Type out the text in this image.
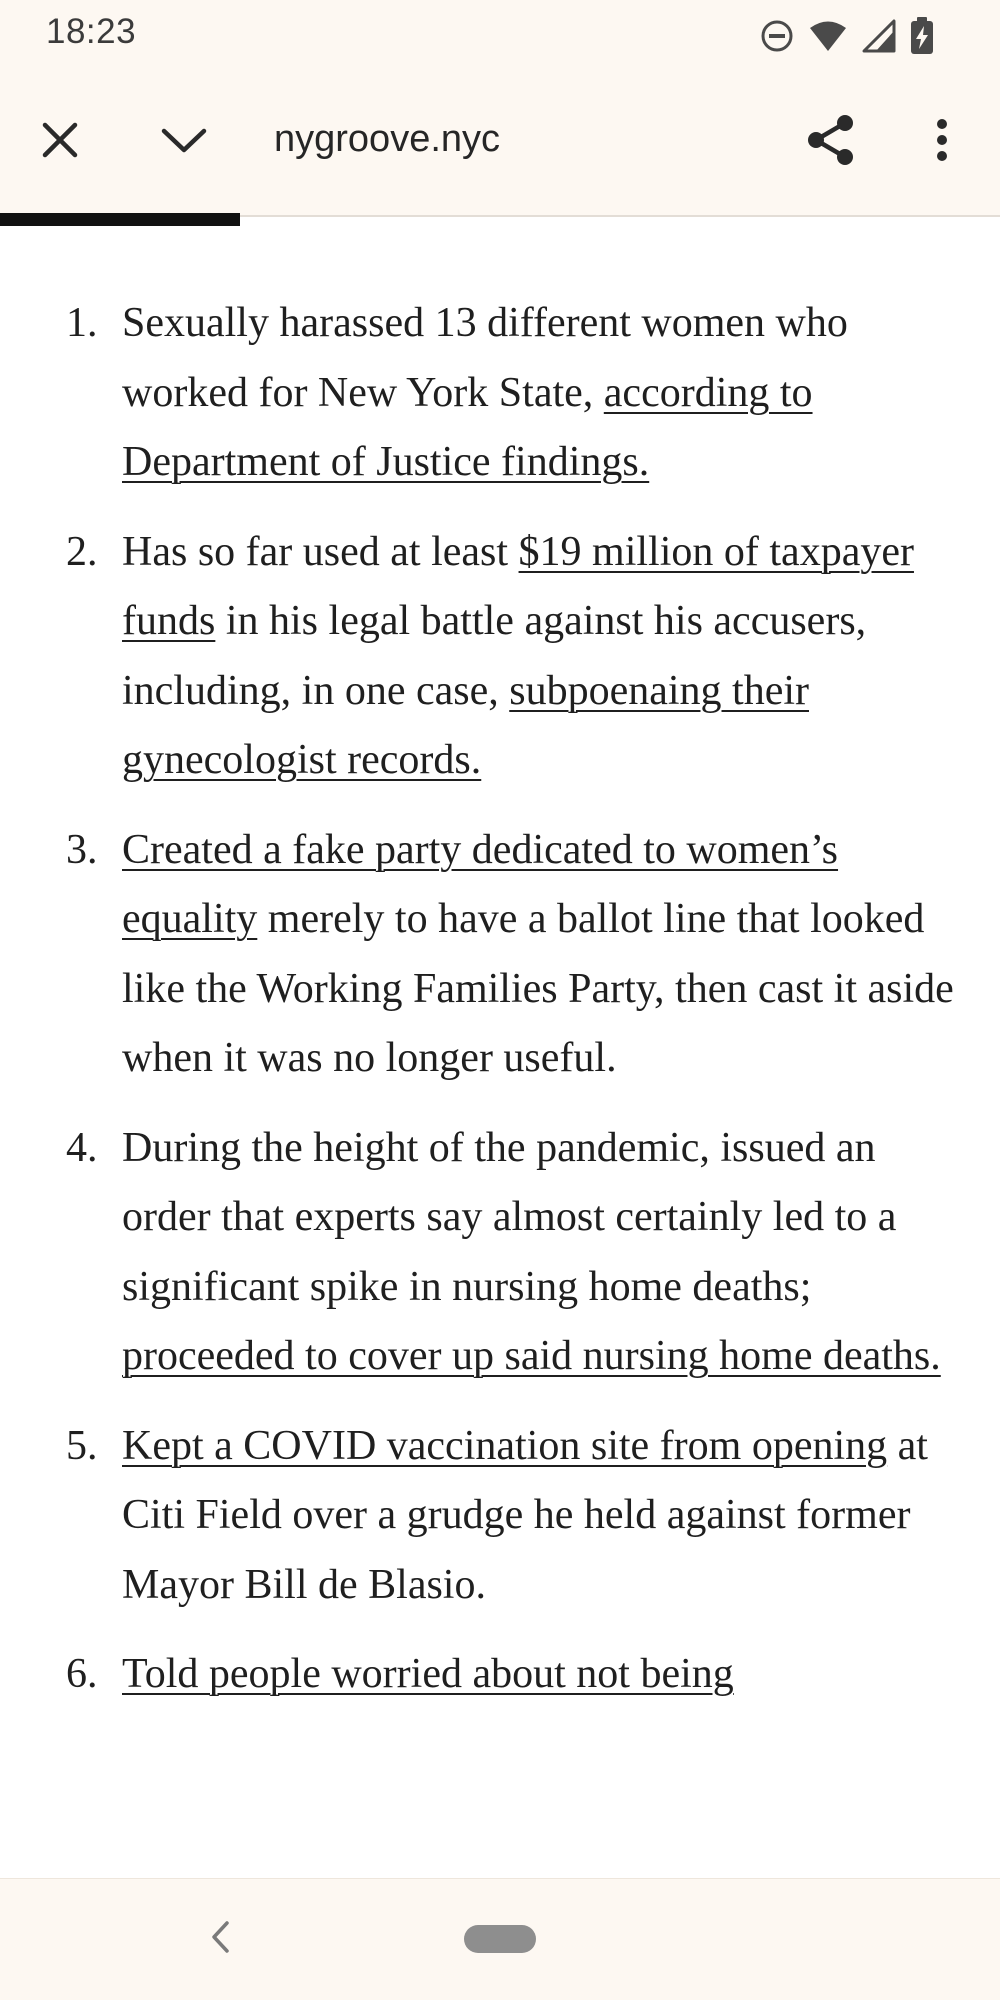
18:23
nygroove.nyc
1. Sexually harassed 13 different women who worked for New York State, according to Department of Justice findings.
2. Has so far used at least $19 million of taxpayer funds in his legal battle against his accusers, including, in one case, subpoenaing their gynecologist records.
3. Created a fake party dedicated to women’s equality merely to have a ballot line that looked like the Working Families Party, then cast it aside when it was no longer useful.
4. During the height of the pandemic, issued an order that experts say almost certainly led to a significant spike in nursing home deaths; proceeded to cover up said nursing home deaths.
5. Kept a COVID vaccination site from opening at Citi Field over a grudge he held against former Mayor Bill de Blasio.
6. Told people worried about not being
